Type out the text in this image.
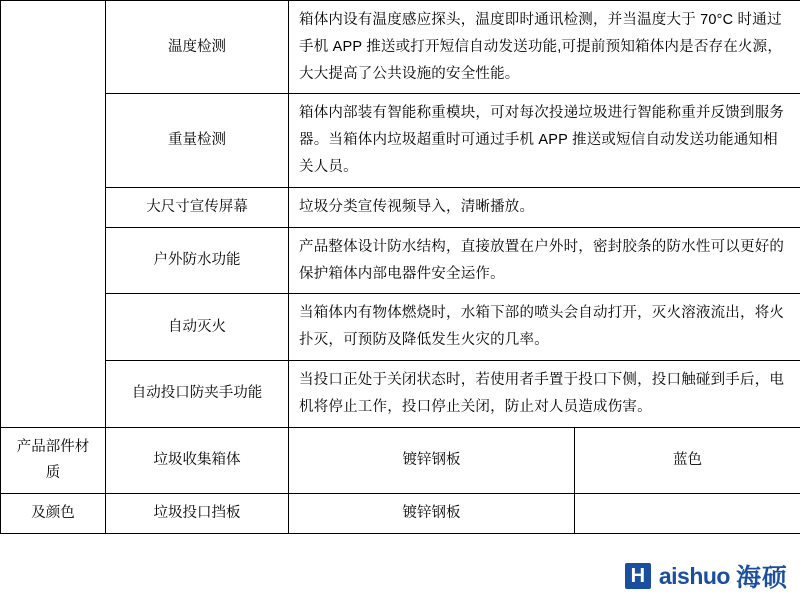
	温度检测	箱体内设有温度感应探头，温度即时通讯检测，并当温度大于 70°C 时通过手机 APP 推送或打开短信自动发送功能,可提前预知箱体内是否存在火源，大大提高了公共设施的安全性能。	
	重量检测	箱体内部装有智能称重模块，可对每次投递垃圾进行智能称重并反馈到服务器。当箱体内垃圾超重时可通过手机 APP 推送或短信自动发送功能通知相关人员。	
	大尺寸宣传屏幕	垃圾分类宣传视频导入，清晰播放。	
	户外防水功能	产品整体设计防水结构，直接放置在户外时，密封胶条的防水性可以更好的保护箱体内部电器件安全运作。	
	自动灭火	当箱体内有物体燃烧时，水箱下部的喷头会自动打开，灭火溶液流出，将火扑灭，可预防及降低发生火灾的几率。	
	自动投口防夹手功能	当投口正处于关闭状态时，若使用者手置于投口下侧，投口触碰到手后，电机将停止工作，投口停止关闭，防止对人员造成伤害。	
产品部件材质	垃圾收集箱体	镀锌钢板	蓝色
及颜色	垃圾投口挡板	镀锌钢板	
H aishuo 海硕
